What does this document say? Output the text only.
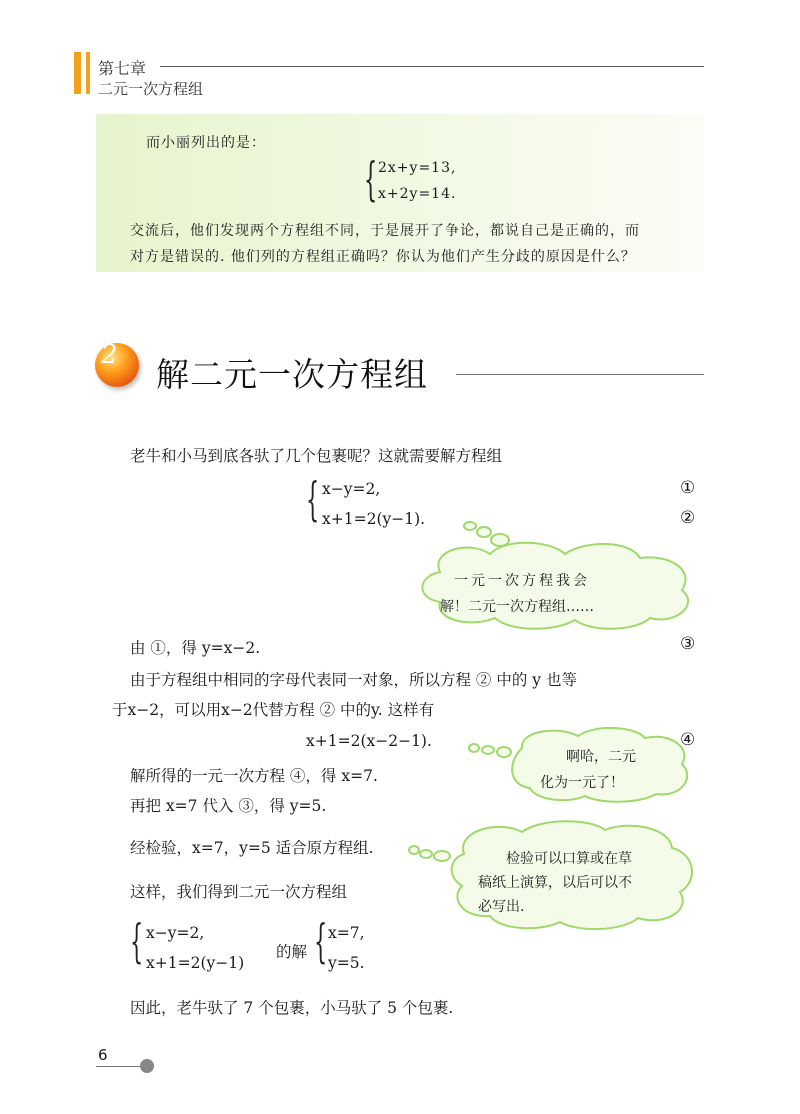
第七章
二元一次方程组
而小丽列出的是：
{ 2x+y=13,
x+2y=14.
交流后，他们发现两个方程组不同，于是展开了争论，都说自己是正确的，而
对方是错误的. 他们列的方程组正确吗？你认为他们产生分歧的原因是什么？
2 解二元一次方程组
老牛和小马到底各驮了几个包裹呢？这就需要解方程组
{ x−y=2,
x+1=2(y−1).
①
②
由 ①，得 y=x−2.	③
由于方程组中相同的字母代表同一对象，所以方程 ② 中的 y 也等
于x−2，可以用x−2代替方程 ② 中的y. 这样有
x+1=2(x−2−1).	④
解所得的一元一次方程 ④，得 x=7.
再把 x=7 代入 ③，得 y=5.
经检验，x=7，y=5 适合原方程组.
这样，我们得到二元一次方程组
{ x−y=2,
x+1=2(y−1)
的解 { x=7,
y=5.
因此，老牛驮了 7 个包裹，小马驮了 5 个包裹.
一元一次方程我会
解！二元一次方程组……
啊哈，二元
化为一元了！
检验可以口算或在草
稿纸上演算，以后可以不
必写出.
6
